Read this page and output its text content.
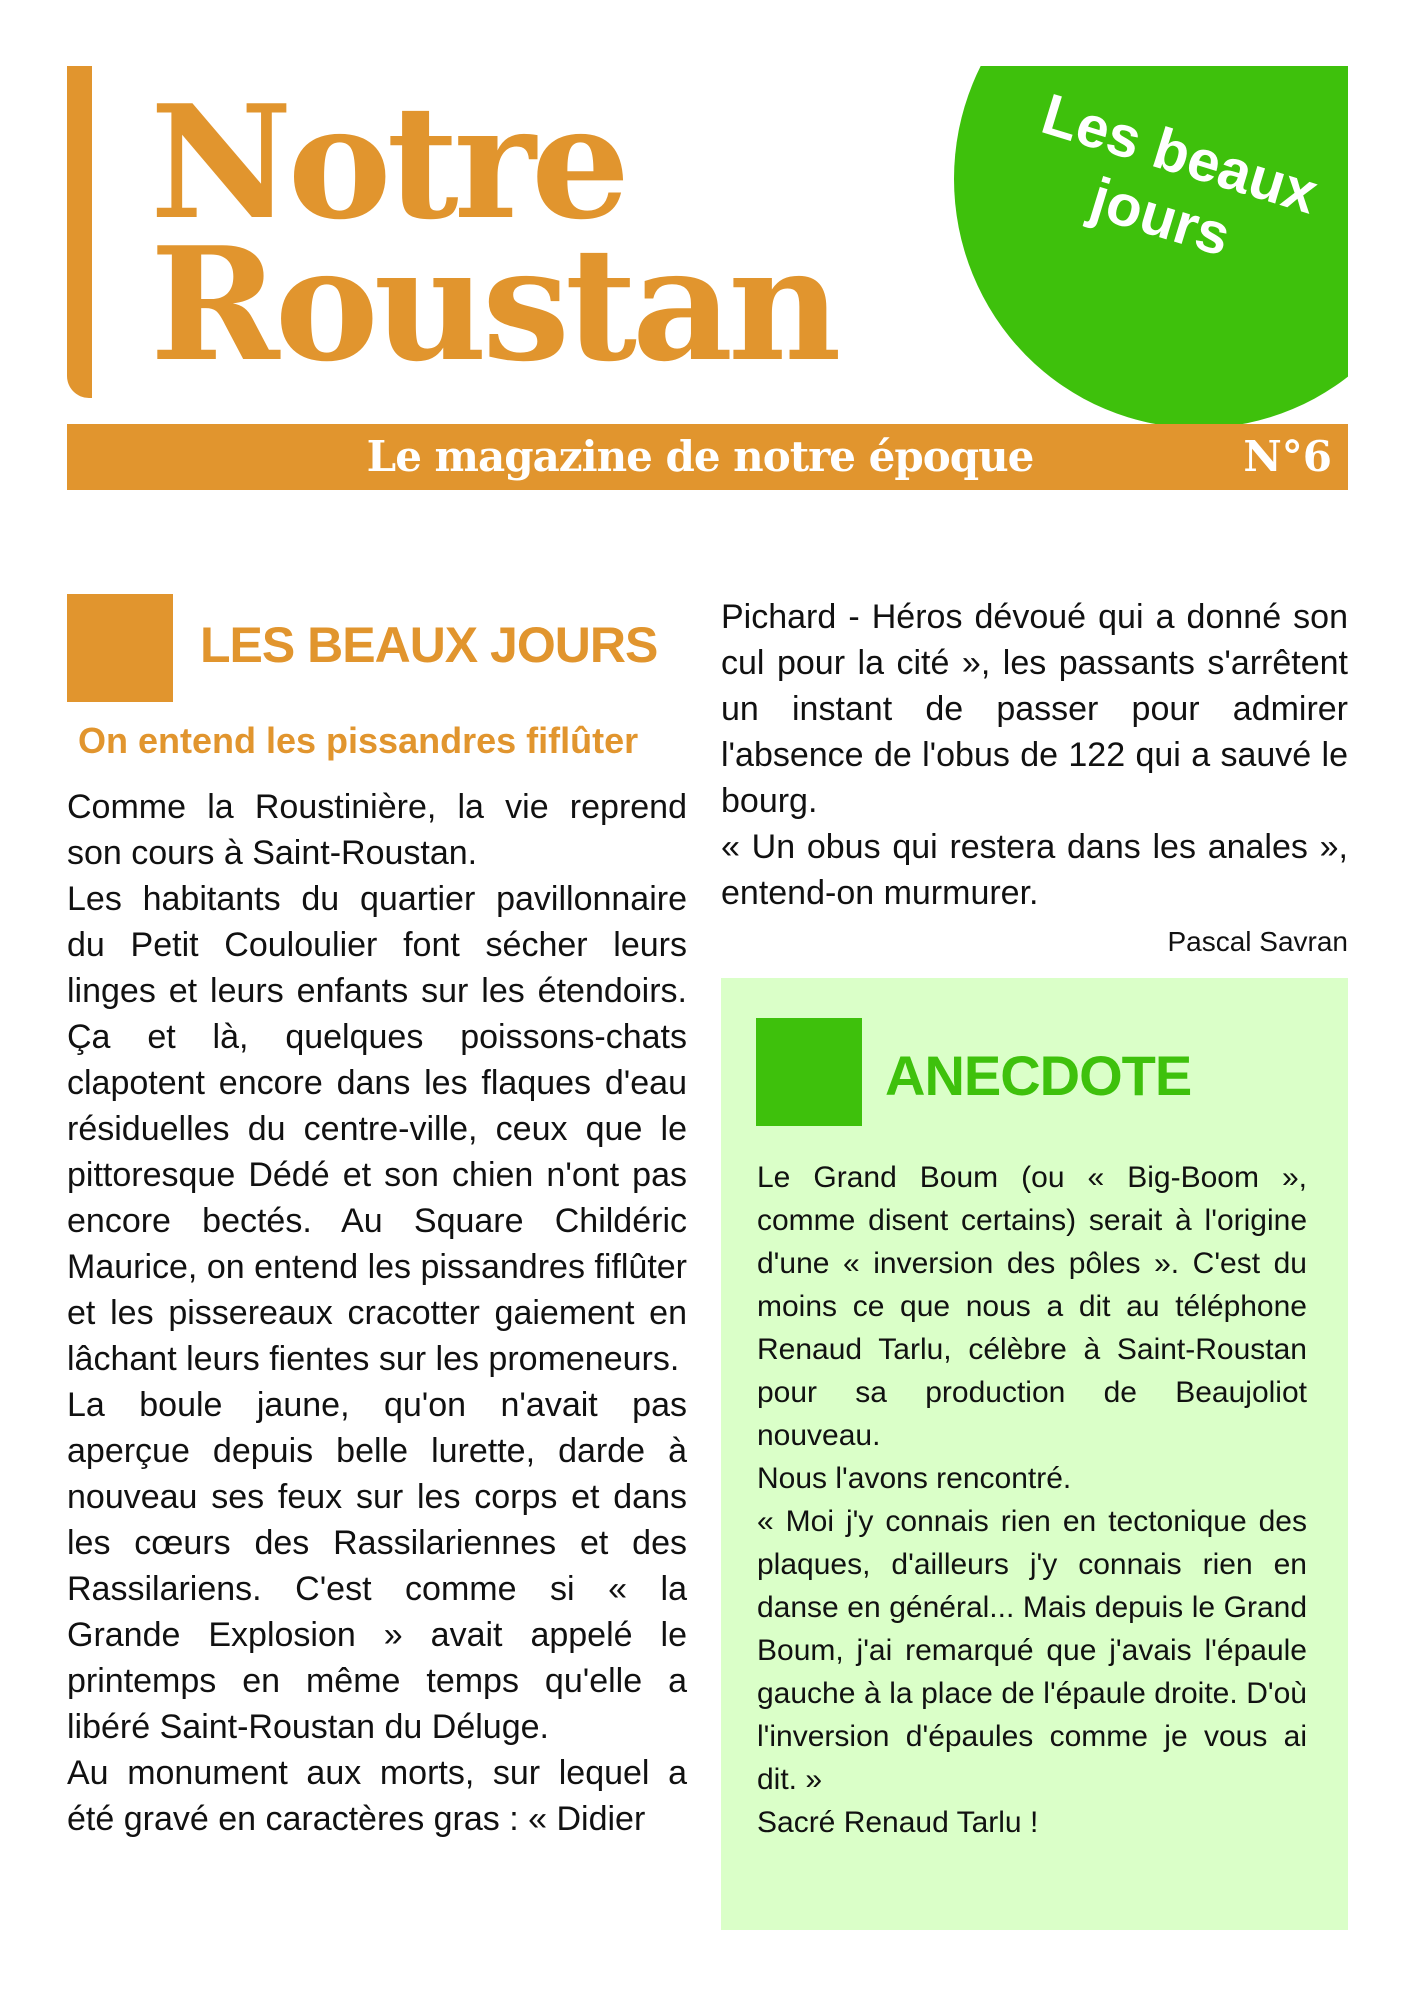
Notre
Roustan
Les beaux
jours
Le magazine de notre époque	N°6
LES BEAUX JOURS
On entend les pissandres fiflûter

Comme la Roustinière, la vie reprend son cours à Saint-Roustan.
Les habitants du quartier pavillonnaire du Petit Couloulier font sécher leurs linges et leurs enfants sur les étendoirs. Ça et là, quelques poissons-chats clapotent encore dans les flaques d'eau résiduelles du centre-ville, ceux que le pittoresque Dédé et son chien n'ont pas encore bectés. Au Square Childéric Maurice, on entend les pissandres fiflûter et les pissereaux cracotter gaiement en lâchant leurs fientes sur les promeneurs.
La boule jaune, qu'on n'avait pas aperçue depuis belle lurette, darde à nouveau ses feux sur les corps et dans les cœurs des Rassilariennes et des Rassilariens. C'est comme si « la Grande Explosion » avait appelé le printemps en même temps qu'elle a libéré Saint-Roustan du Déluge.
Au monument aux morts, sur lequel a été gravé en caractères gras : « Didier

Pichard - Héros dévoué qui a donné son cul pour la cité », les passants s'arrêtent un instant de passer pour admirer l'absence de l'obus de 122 qui a sauvé le bourg.
« Un obus qui restera dans les anales », entend-on murmurer.

Pascal Savran

ANECDOTE

Le Grand Boum (ou « Big-Boom », comme disent certains) serait à l'origine d'une « inversion des pôles ». C'est du moins ce que nous a dit au téléphone Renaud Tarlu, célèbre à Saint-Roustan pour sa production de Beaujoliot nouveau.
Nous l'avons rencontré.
« Moi j'y connais rien en tectonique des plaques, d'ailleurs j'y connais rien en danse en général... Mais depuis le Grand Boum, j'ai remarqué que j'avais l'épaule gauche à la place de l'épaule droite. D'où l'inversion d'épaules comme je vous ai dit. »
Sacré Renaud Tarlu !
